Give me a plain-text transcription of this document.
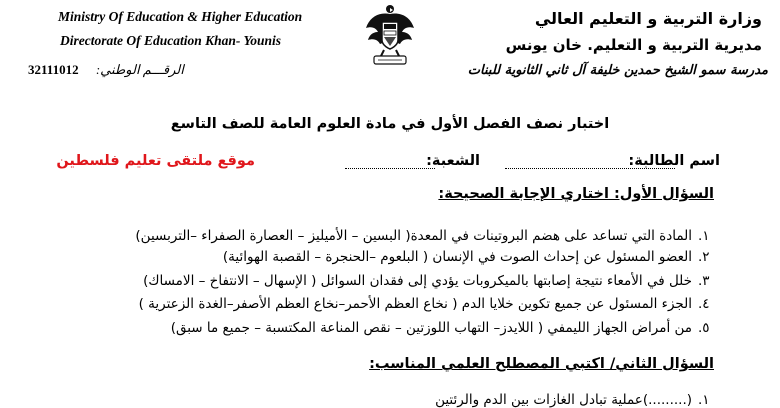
Ministry Of Education & Higher Education
Directorate Of Education Khan- Younis
32111012 الرقـــم الوطني:
وزارة التربية و التعليم العالي
مديرية التربية و التعليم. خان يونس
مدرسة سمو الشيخ حمدين خليفة آل ثاني الثانوية للبنات
اختبار نصف الفصل الأول في مادة العلوم العامة للصف التاسع
اسم الطالبة:
الشعبة:
موقع ملتقى تعليم فلسطين
السؤال الأول: اختاري الإجابة الصحيحة:
١.المادة التي تساعد على هضم البروتينات في المعدة( البسين – الأميليز – العصارة الصفراء –التربسين)
٢.العضو المسئول عن إحداث الصوت في الإنسان ( البلعوم –الحنجرة – القصبة الهوائية)
٣.خلل في الأمعاء نتيجة إصابتها بالميكروبات يؤدي إلى فقدان السوائل ( الإسهال – الانتفاخ – الامساك)
٤.الجزء المسئول عن جميع تكوين خلايا الدم ( نخاع العظم الأحمر–نخاع العظم الأصفر–الغدة الزعترية )
٥.من أمراض الجهاز الليمفي ( اللايدز– التهاب اللوزتين – نقص المناعة المكتسبة – جميع ما سبق)
السؤال الثاني/ اكتبي المصطلح العلمي المناسب:
١.(.........)عملية تبادل الغازات بين الدم والرئتين
